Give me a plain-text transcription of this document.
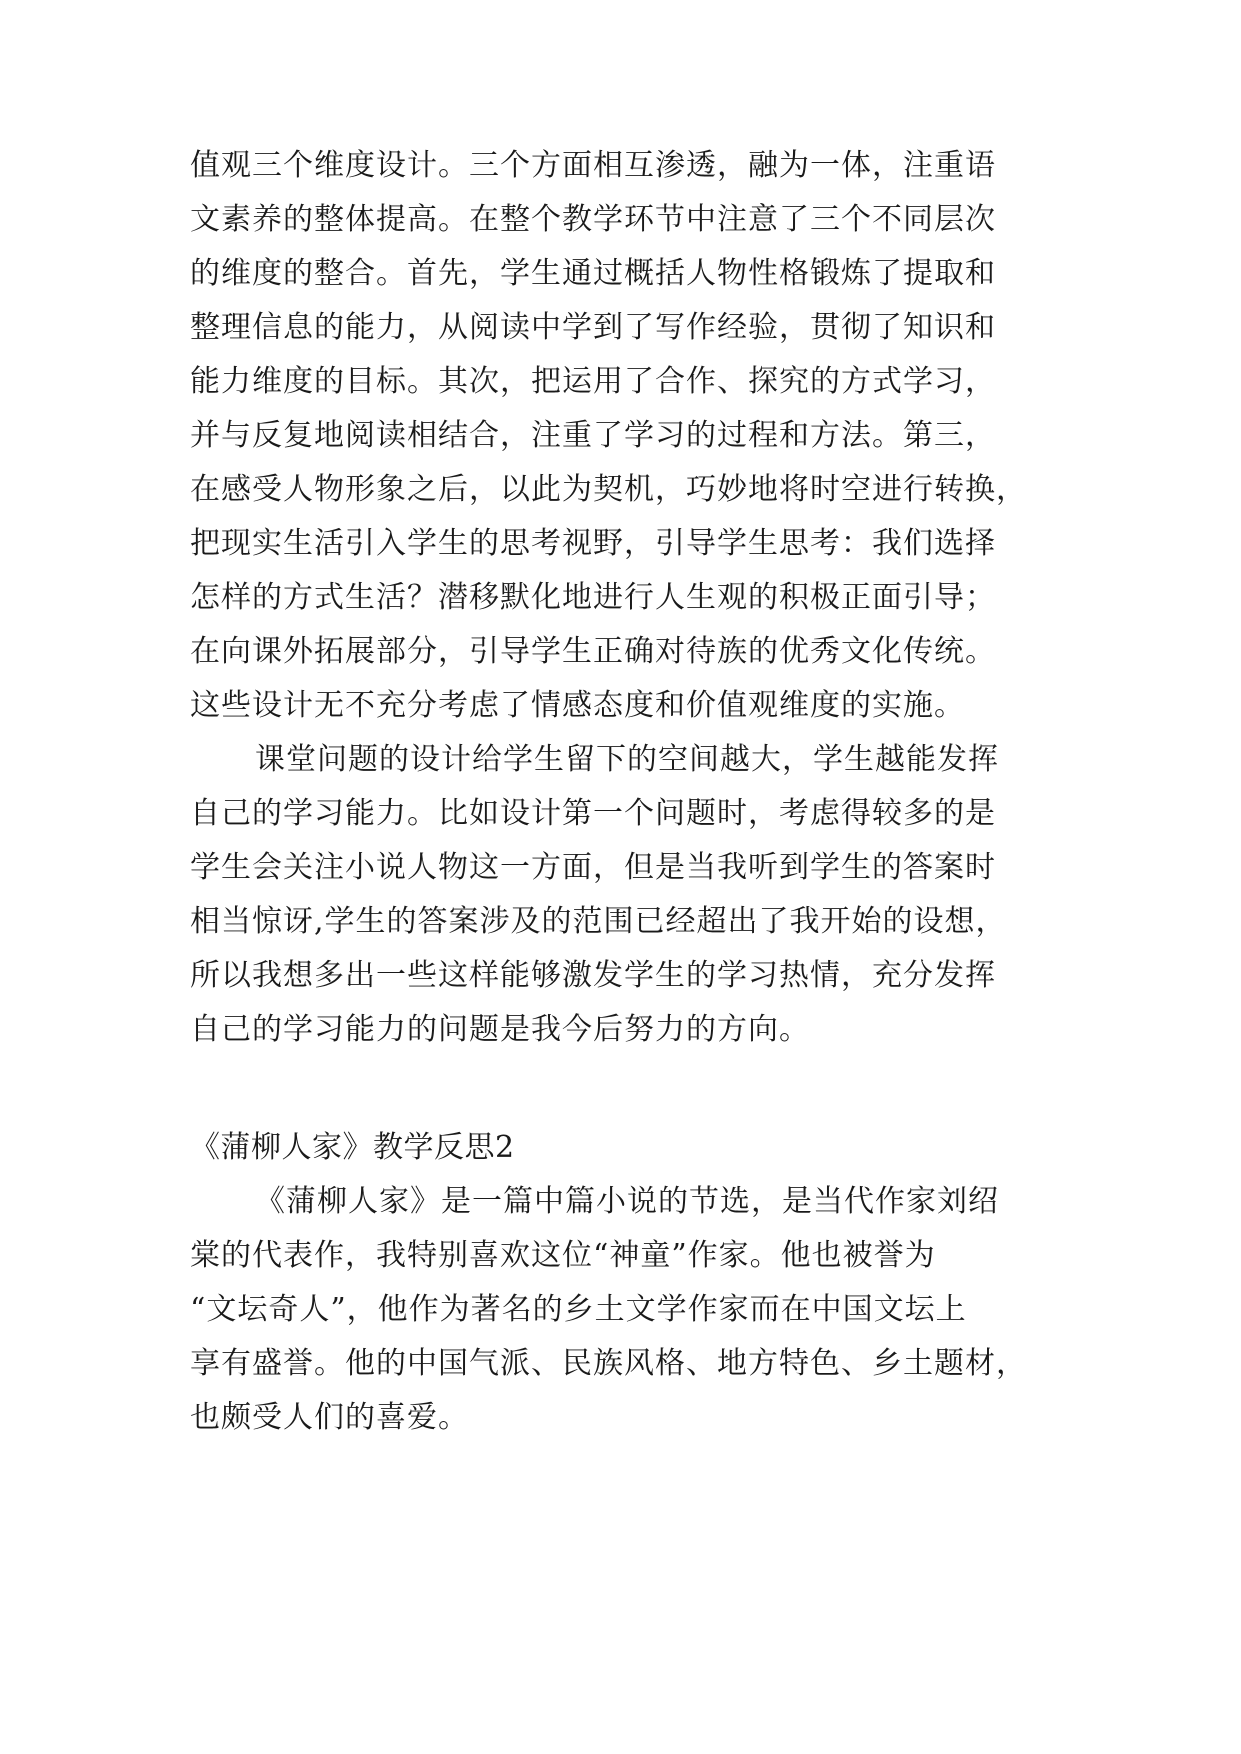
值观三个维度设计。三个方面相互渗透，融为一体，注重语
文素养的整体提高。在整个教学环节中注意了三个不同层次
的维度的整合。首先，学生通过概括人物性格锻炼了提取和
整理信息的能力，从阅读中学到了写作经验，贯彻了知识和
能力维度的目标。其次，把运用了合作、探究的方式学习，
并与反复地阅读相结合，注重了学习的过程和方法。第三，
在感受人物形象之后，以此为契机，巧妙地将时空进行转换，
把现实生活引入学生的思考视野，引导学生思考：我们选择
怎样的方式生活？潜移默化地进行人生观的积极正面引导；
在向课外拓展部分，引导学生正确对待族的优秀文化传统。
这些设计无不充分考虑了情感态度和价值观维度的实施。
课堂问题的设计给学生留下的空间越大，学生越能发挥
自己的学习能力。比如设计第一个问题时，考虑得较多的是
学生会关注小说人物这一方面，但是当我听到学生的答案时
相当惊讶,学生的答案涉及的范围已经超出了我开始的设想，
所以我想多出一些这样能够激发学生的学习热情，充分发挥
自己的学习能力的问题是我今后努力的方向。
《蒲柳人家》教学反思2
《蒲柳人家》是一篇中篇小说的节选，是当代作家刘绍
棠的代表作，我特别喜欢这位“神童”作家。他也被誉为
“文坛奇人”，他作为著名的乡土文学作家而在中国文坛上
享有盛誉。他的中国气派、民族风格、地方特色、乡土题材，
也颇受人们的喜爱。
